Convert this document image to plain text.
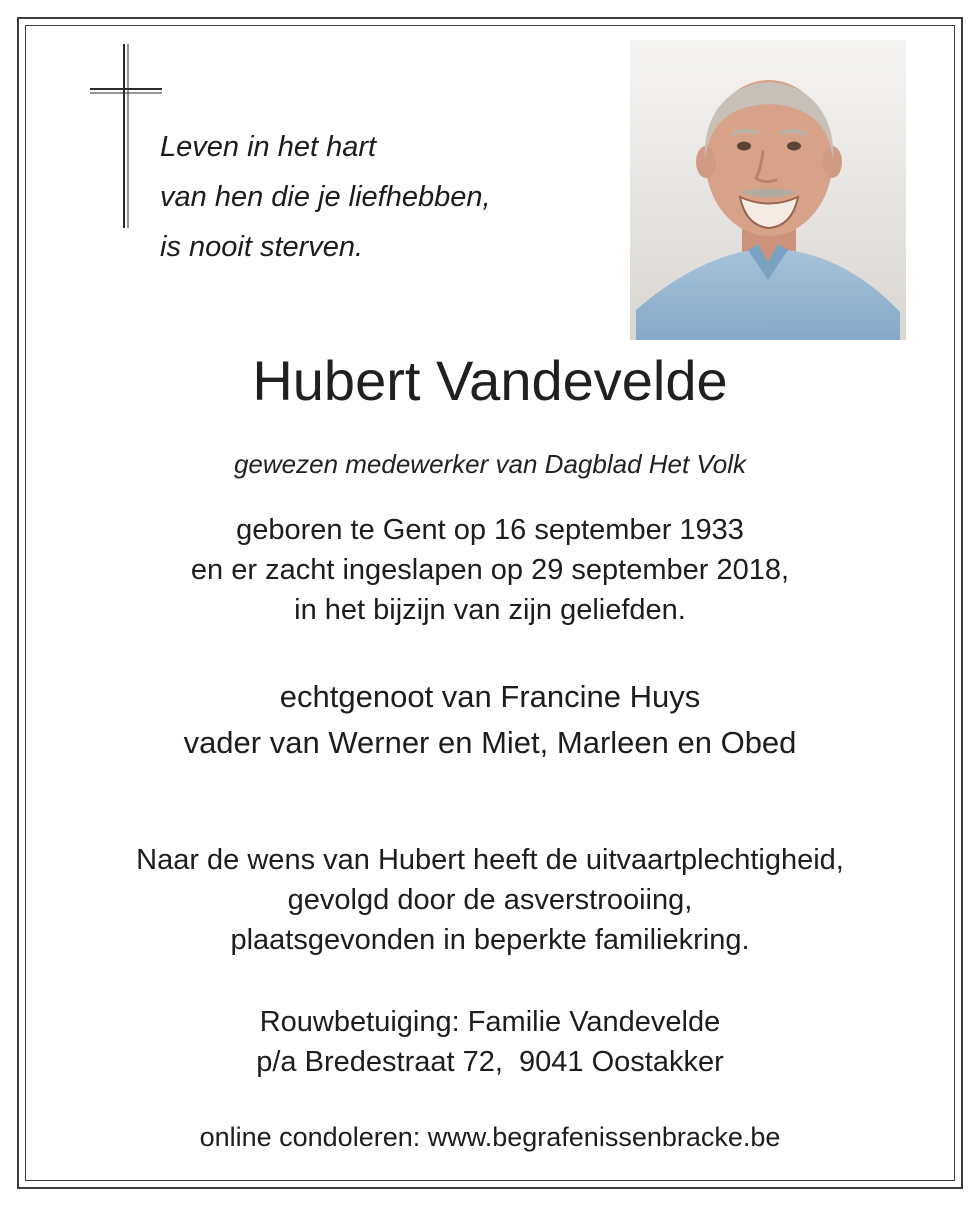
Leven in het hart
van hen die je liefhebben,
is nooit sterven.
Hubert Vandevelde
gewezen medewerker van Dagblad Het Volk
geboren te Gent op 16 september 1933
en er zacht ingeslapen op 29 september 2018,
in het bijzijn van zijn geliefden.
echtgenoot van Francine Huys
vader van Werner en Miet, Marleen en Obed
Naar de wens van Hubert heeft de uitvaartplechtigheid,
gevolgd door de asverstrooiing,
plaatsgevonden in beperkte familiekring.
Rouwbetuiging: Familie Vandevelde
p/a Bredestraat 72,  9041 Oostakker
online condoleren: www.begrafenissenbracke.be
